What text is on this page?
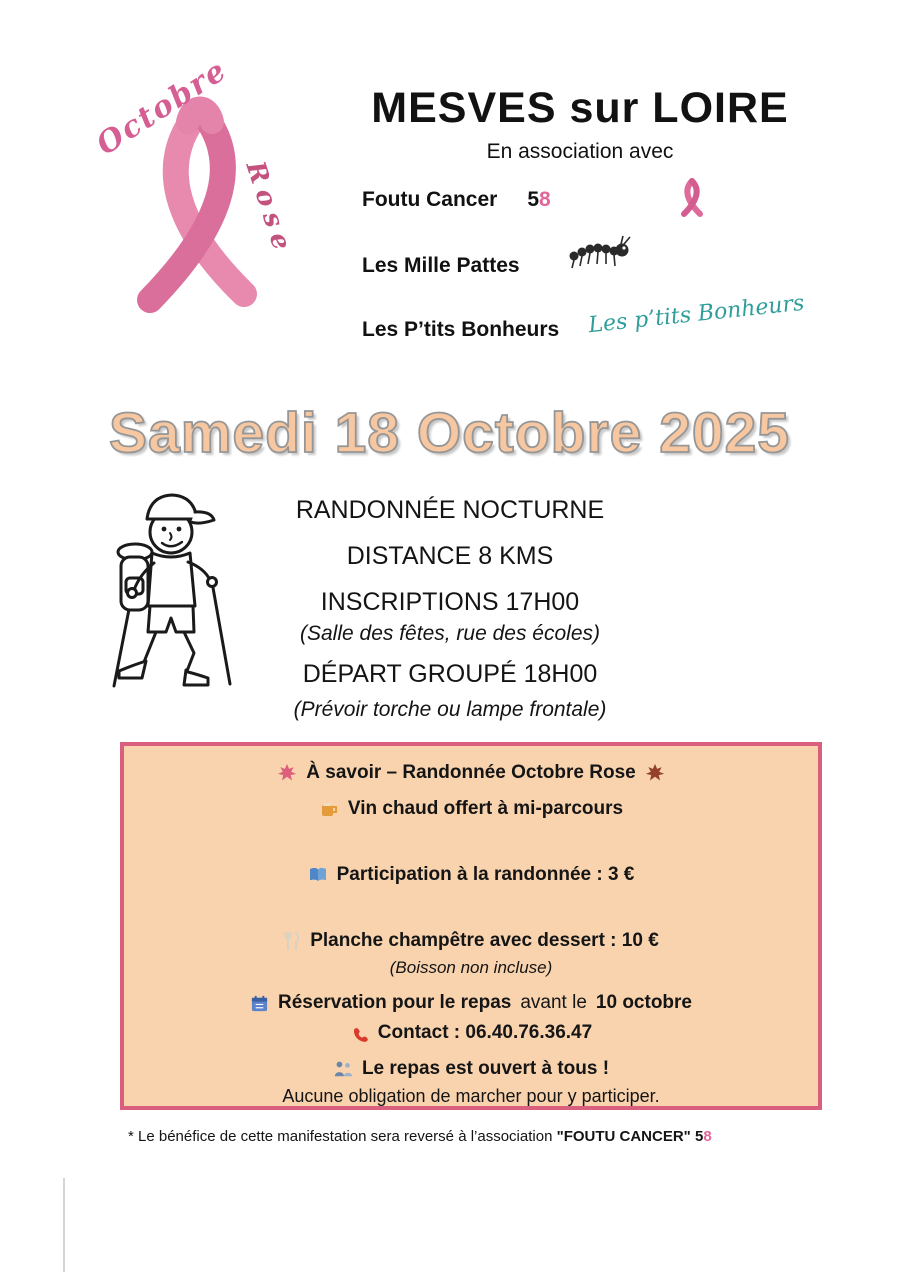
Octobre
Rose
MESVES sur LOIRE
En association avec
Foutu Cancer 58
Les Mille Pattes
Les P’tits Bonheurs Les p’tits Bonheurs
Samedi 18 Octobre 2025
RANDONNÉE NOCTURNE
DISTANCE 8 KMS
INSCRIPTIONS 17H00
(Salle des fêtes, rue des écoles)
DÉPART GROUPÉ 18H00
(Prévoir torche ou lampe frontale)
À savoir – Randonnée Octobre Rose
Vin chaud offert à mi-parcours
Participation à la randonnée : 3 €
Planche champêtre avec dessert : 10 €
(Boisson non incluse)
Réservation pour le repas avant le 10 octobre
Contact : 06.40.76.36.47
Le repas est ouvert à tous !
Aucune obligation de marcher pour y participer.
* Le bénéfice de cette manifestation sera reversé à l’association "FOUTU CANCER" 58
